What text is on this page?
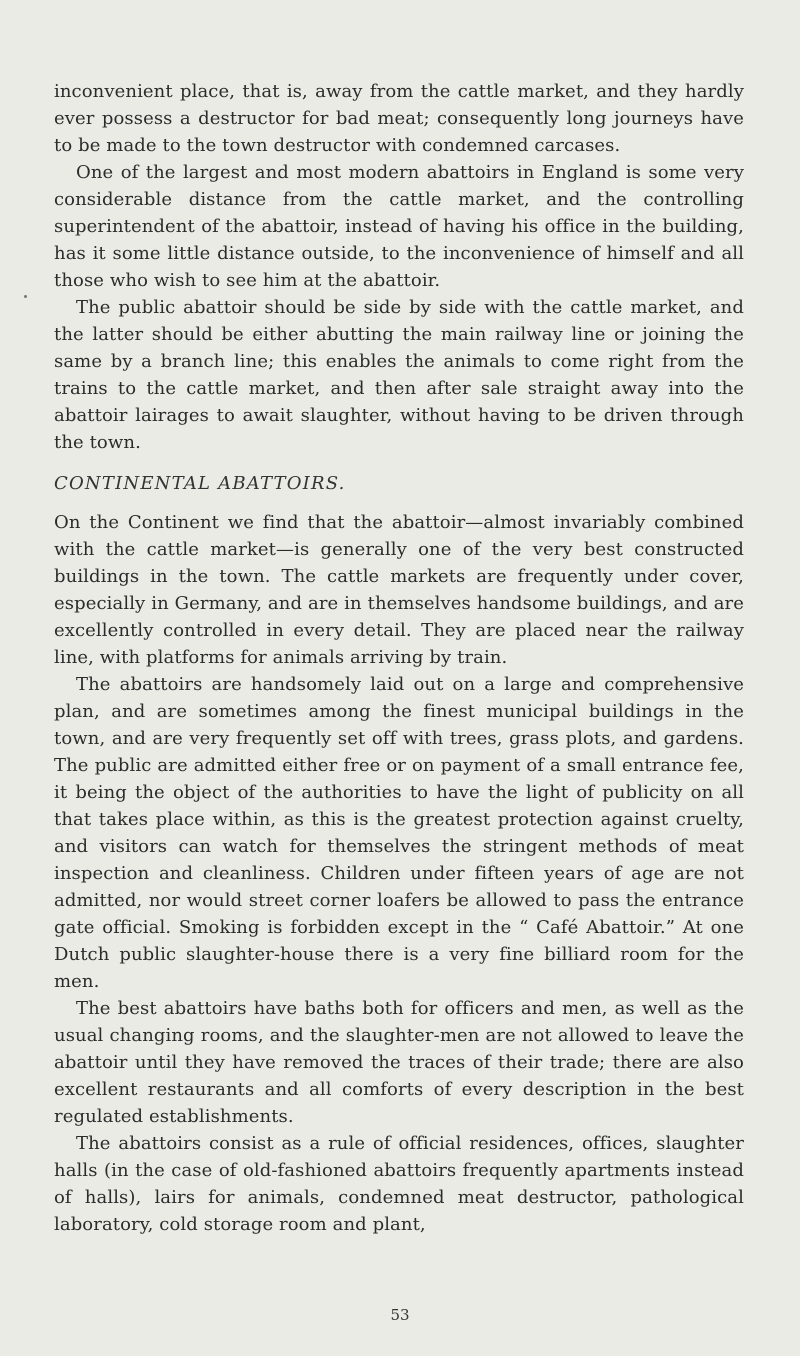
inconvenient place, that is, away from the cattle market, and they hardly ever possess a destructor for bad meat; consequently long journeys have to be made to the town destructor with condemned carcases.

One of the largest and most modern abattoirs in England is some very considerable distance from the cattle market, and the controlling superintendent of the abattoir, instead of having his office in the building, has it some little distance outside, to the inconvenience of himself and all those who wish to see him at the abattoir.

The public abattoir should be side by side with the cattle market, and the latter should be either abutting the main railway line or joining the same by a branch line; this enables the animals to come right from the trains to the cattle market, and then after sale straight away into the abattoir lairages to await slaughter, without having to be driven through the town.

CONTINENTAL ABATTOIRS.

On the Continent we find that the abattoir—almost invariably combined with the cattle market—is generally one of the very best constructed buildings in the town. The cattle markets are frequently under cover, especially in Germany, and are in themselves handsome buildings, and are excellently controlled in every detail. They are placed near the railway line, with platforms for animals arriving by train.

The abattoirs are handsomely laid out on a large and comprehensive plan, and are sometimes among the finest municipal buildings in the town, and are very frequently set off with trees, grass plots, and gardens. The public are admitted either free or on payment of a small entrance fee, it being the object of the authorities to have the light of publicity on all that takes place within, as this is the greatest protection against cruelty, and visitors can watch for themselves the stringent methods of meat inspection and cleanliness. Children under fifteen years of age are not admitted, nor would street corner loafers be allowed to pass the entrance gate official. Smoking is forbidden except in the “ Café Abattoir.” At one Dutch public slaughter-house there is a very fine billiard room for the men.

The best abattoirs have baths both for officers and men, as well as the usual changing rooms, and the slaughter-men are not allowed to leave the abattoir until they have removed the traces of their trade; there are also excellent restaurants and all comforts of every description in the best regulated establishments.

The abattoirs consist as a rule of official residences, offices, slaughter halls (in the case of old-fashioned abattoirs frequently apartments instead of halls), lairs for animals, condemned meat destructor, pathological laboratory, cold storage room and plant,

53
